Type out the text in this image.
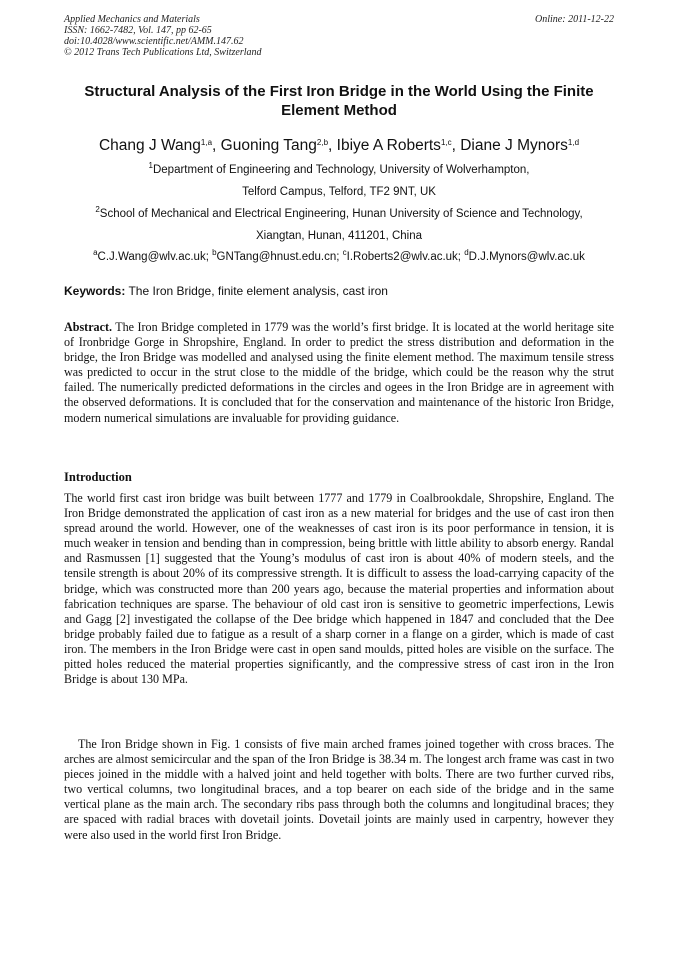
Applied Mechanics and Materials
ISSN: 1662-7482, Vol. 147, pp 62-65
doi:10.4028/www.scientific.net/AMM.147.62
© 2012 Trans Tech Publications Ltd, Switzerland
Online: 2011-12-22
Structural Analysis of the First Iron Bridge in the World Using the Finite Element Method
Chang J Wang$^{1,a}$, Guoning Tang$^{2,b}$, Ibiye A Roberts$^{1,c}$, Diane J Mynors$^{1,d}$
$^1$Department of Engineering and Technology, University of Wolverhampton,
Telford Campus, Telford, TF2 9NT, UK
$^2$School of Mechanical and Electrical Engineering, Hunan University of Science and Technology,
Xiangtan, Hunan, 411201, China
$^a$C.J.Wang@wlv.ac.uk; $^b$GNTang@hnust.edu.cn; $^c$I.Roberts2@wlv.ac.uk; $^d$D.J.Mynors@wlv.ac.uk
Keywords: The Iron Bridge, finite element analysis, cast iron

Abstract. The Iron Bridge completed in 1779 was the world’s first bridge. It is located at the world heritage site of Ironbridge Gorge in Shropshire, England. In order to predict the stress distribution and deformation in the bridge, the Iron Bridge was modelled and analysed using the finite element method. The maximum tensile stress was predicted to occur in the strut close to the middle of the bridge, which could be the reason why the strut failed. The numerically predicted deformations in the circles and ogees in the Iron Bridge are in agreement with the observed deformations. It is concluded that for the conservation and maintenance of the historic Iron Bridge, modern numerical simulations are invaluable for providing guidance.

Introduction

The world first cast iron bridge was built between 1777 and 1779 in Coalbrookdale, Shropshire, England. The Iron Bridge demonstrated the application of cast iron as a new material for bridges and the use of cast iron then spread around the world. However, one of the weaknesses of cast iron is its poor performance in tension, it is much weaker in tension and bending than in compression, being brittle with little ability to absorb energy. Randal and Rasmussen [1] suggested that the Young’s modulus of cast iron is about 40% of modern steels, and the tensile strength is about 20% of its compressive strength. It is difficult to assess the load-carrying capacity of the bridge, which was constructed more than 200 years ago, because the material properties and information about fabrication techniques are sparse. The behaviour of old cast iron is sensitive to geometric imperfections, Lewis and Gagg [2] investigated the collapse of the Dee bridge which happened in 1847 and concluded that the Dee bridge probably failed due to fatigue as a result of a sharp corner in a flange on a girder, which is made of cast iron. The members in the Iron Bridge were cast in open sand moulds, pitted holes are visible on the surface. The pitted holes reduced the material properties significantly, and the compressive stress of cast iron in the Iron Bridge is about 130 MPa.

The Iron Bridge shown in Fig. 1 consists of five main arched frames joined together with cross braces. The arches are almost semicircular and the span of the Iron Bridge is 38.34 m. The longest arch frame was cast in two pieces joined in the middle with a halved joint and held together with bolts. There are two further curved ribs, two vertical columns, two longitudinal braces, and a top bearer on each side of the bridge and in the same vertical plane as the main arch. The secondary ribs pass through both the columns and longitudinal braces; they are spaced with radial braces with dovetail joints. Dovetail joints are mainly used in carpentry, however they were also used in the world first Iron Bridge.
